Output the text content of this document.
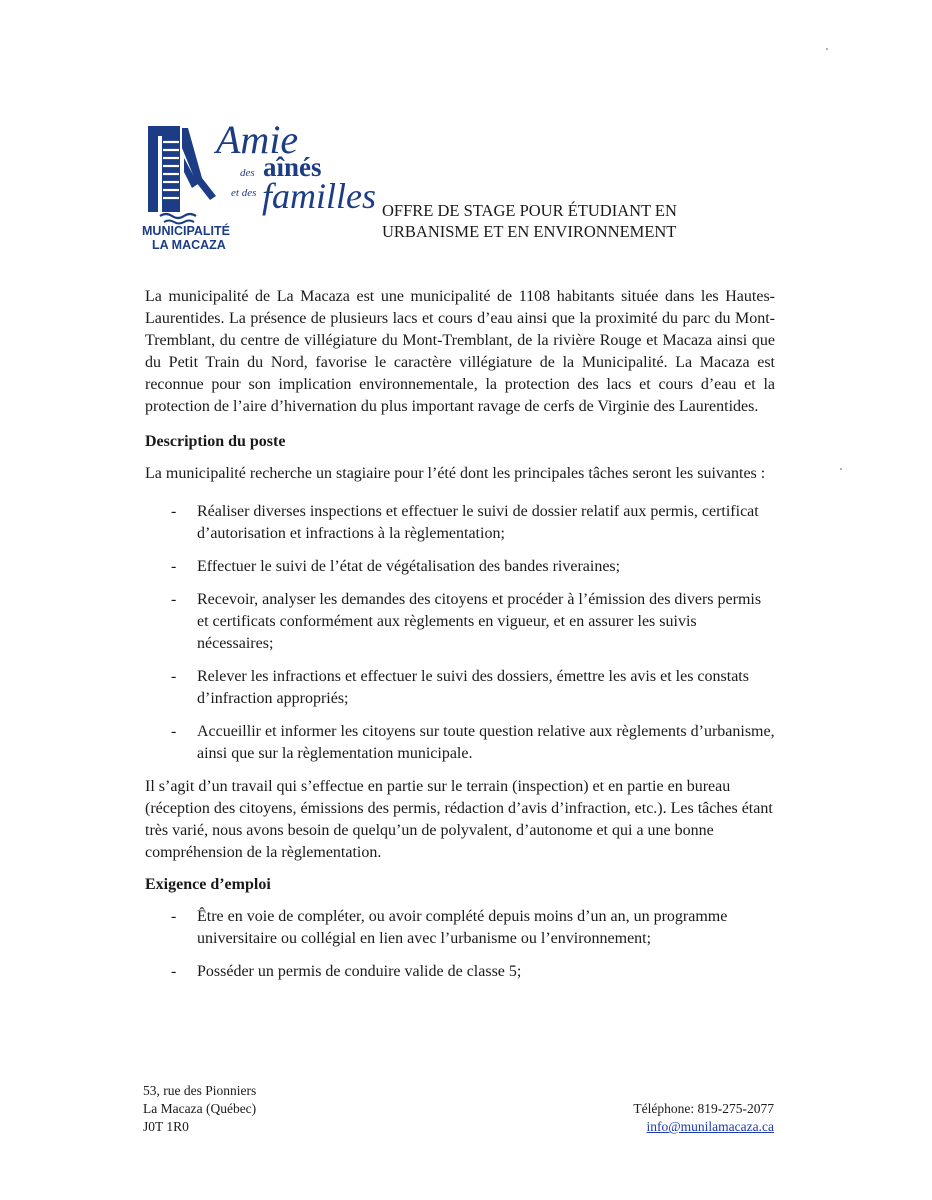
Amie
des aînés
et des familles
MUNICIPALITÉ
LA MACAZA
OFFRE DE STAGE POUR ÉTUDIANT EN
URBANISME ET EN ENVIRONNEMENT

La municipalité de La Macaza est une municipalité de 1108 habitants située dans les Hautes-Laurentides. La présence de plusieurs lacs et cours d’eau ainsi que la proximité du parc du Mont-Tremblant, du centre de villégiature du Mont-Tremblant, de la rivière Rouge et Macaza ainsi que du Petit Train du Nord, favorise le caractère villégiature de la Municipalité. La Macaza est reconnue pour son implication environnementale, la protection des lacs et cours d’eau et la protection de l’aire d’hivernation du plus important ravage de cerfs de Virginie des Laurentides.

Description du poste

La municipalité recherche un stagiaire pour l’été dont les principales tâches seront les suivantes :

- Réaliser diverses inspections et effectuer le suivi de dossier relatif aux permis, certificat d’autorisation et infractions à la règlementation;
- Effectuer le suivi de l’état de végétalisation des bandes riveraines;
- Recevoir, analyser les demandes des citoyens et procéder à l’émission des divers permis et certificats conformément aux règlements en vigueur, et en assurer les suivis nécessaires;
- Relever les infractions et effectuer le suivi des dossiers, émettre les avis et les constats d’infraction appropriés;
- Accueillir et informer les citoyens sur toute question relative aux règlements d’urbanisme, ainsi que sur la règlementation municipale.

Il s’agit d’un travail qui s’effectue en partie sur le terrain (inspection) et en partie en bureau (réception des citoyens, émissions des permis, rédaction d’avis d’infraction, etc.). Les tâches étant très varié, nous avons besoin de quelqu’un de polyvalent, d’autonome et qui a une bonne compréhension de la règlementation.

Exigence d’emploi

- Être en voie de compléter, ou avoir complété depuis moins d’un an, un programme universitaire ou collégial en lien avec l’urbanisme ou l’environnement;
- Posséder un permis de conduire valide de classe 5;
53, rue des Pionniers
La Macaza (Québec)
J0T 1R0
Téléphone: 819-275-2077
info@munilamacaza.ca
